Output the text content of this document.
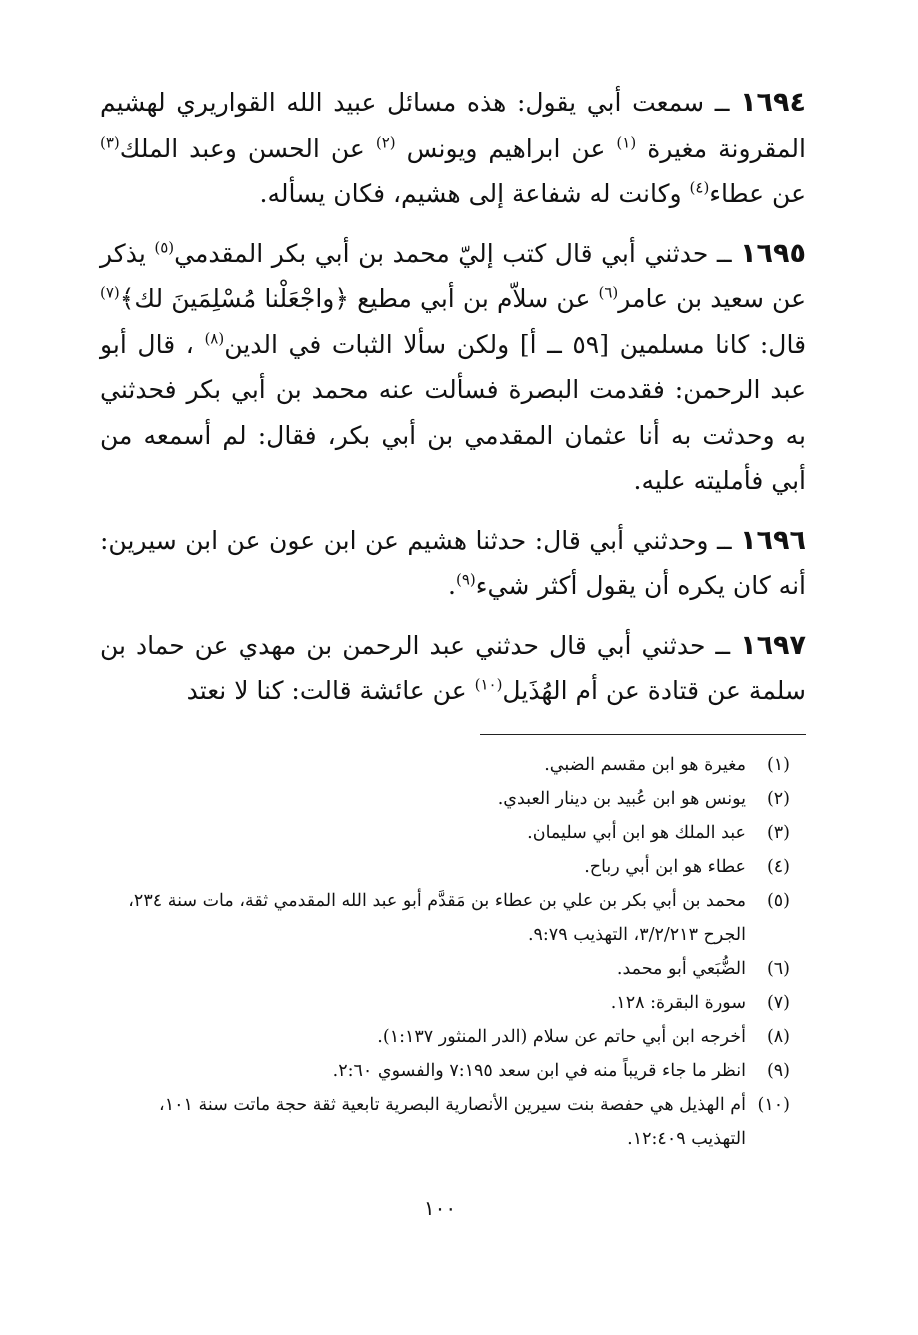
١٦٩٤ ــ سمعت أبي يقول: هذه مسائل عبيد الله القواريري لهشيم المقرونة مغيرة $^{(١)}$ عن ابراهيم ويونس $^{(٢)}$ عن الحسن وعبد الملك$^{(٣)}$ عن عطاء$^{(٤)}$ وكانت له شفاعة إلى هشيم، فكان يسأله.

١٦٩٥ ــ حدثني أبي قال كتب إليّ محمد بن أبي بكر المقدمي$^{(٥)}$ يذكر عن سعيد بن عامر$^{(٦)}$ عن سلاّم بن أبي مطيع ﴿واجْعَلْنا مُسْلِمَينَ لك﴾$^{(٧)}$ قال: كانا مسلمين [٥٩ ــ أ] ولكن سألا الثبات في الدين$^{(٨)}$ ، قال أبو عبد الرحمن: فقدمت البصرة فسألت عنه محمد بن أبي بكر فحدثني به وحدثت به أنا عثمان المقدمي بن أبي بكر، فقال: لم أسمعه من أبي فأمليته عليه.

١٦٩٦ ــ وحدثني أبي قال: حدثنا هشيم عن ابن عون عن ابن سيرين: أنه كان يكره أن يقول أكثر شيء$^{(٩)}$.

١٦٩٧ ــ حدثني أبي قال حدثني عبد الرحمن بن مهدي عن حماد بن سلمة عن قتادة عن أم الهُذَيل$^{(١٠)}$ عن عائشة قالت: كنا لا نعتد

(١)
مغيرة هو ابن مقسم الضبي.

(٢)
يونس هو ابن عُبيد بن دينار العبدي.

(٣)
عبد الملك هو ابن أبي سليمان.

(٤)
عطاء هو ابن أبي رباح.

(٥)
محمد بن أبي بكر بن علي بن عطاء بن مَقدَّم أبو عبد الله المقدمي ثقة، مات سنة ٢٣٤، الجرح ٣/٢/٢١٣، التهذيب ٩:٧٩.

(٦)
الضُّبَعي أبو محمد.

(٧)
سورة البقرة: ١٢٨.

(٨)
أخرجه ابن أبي حاتم عن سلام (الدر المنثور ١:١٣٧).

(٩)
انظر ما جاء قريباً منه في ابن سعد ٧:١٩٥ والفسوي ٢:٦٠.

(١٠)
أم الهذيل هي حفصة بنت سيرين الأنصارية البصرية تابعية ثقة حجة ماتت سنة ١٠١، التهذيب ١٢:٤٠٩.

١٠٠
